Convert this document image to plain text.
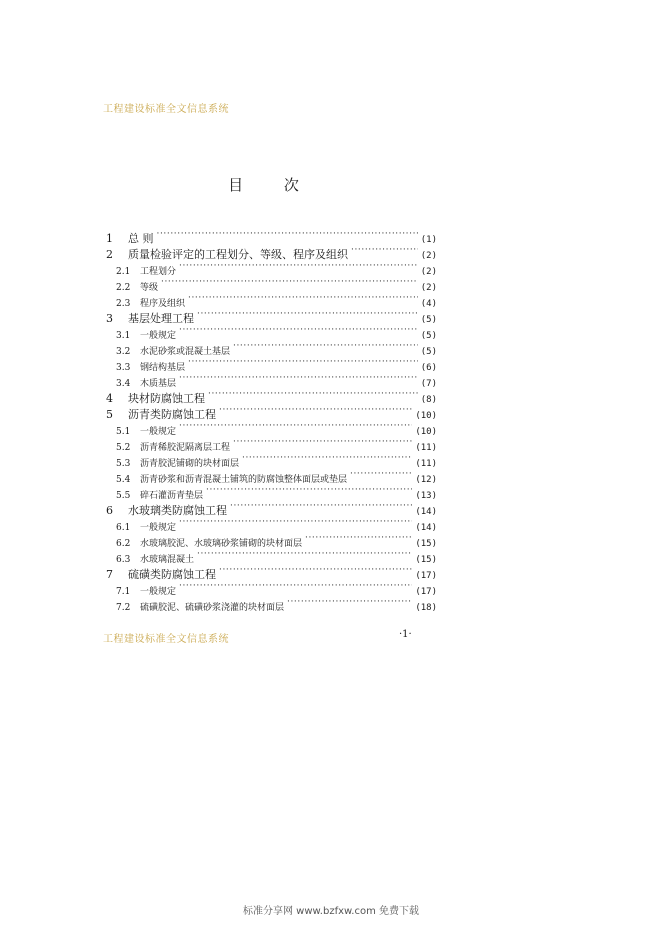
工程建设标准全文信息系统
目 次
1	总 则 ·····	(1)
2	质量检验评定的工程划分、等级、程序及组织 ·····	(2)
2.1	工程划分 ·····	(2)
2.2	等级 ·····	(2)
2.3	程序及组织 ·····	(4)
3	基层处理工程 ·····	(5)
3.1	一般规定 ·····	(5)
3.2	水泥砂浆或混凝土基层 ·····	(5)
3.3	钢结构基层 ·····	(6)
3.4	木质基层 ·····	(7)
4	块材防腐蚀工程 ·····	(8)
5	沥青类防腐蚀工程 ·····	(10)
5.1	一般规定 ·····	(10)
5.2	沥青稀胶泥隔离层工程 ·····	(11)
5.3	沥青胶泥铺砌的块材面层 ·····	(11)
5.4	沥青砂浆和沥青混凝土铺筑的防腐蚀整体面层或垫层 ·····	(12)
5.5	碎石灌沥青垫层 ·····	(13)
6	水玻璃类防腐蚀工程 ·····	(14)
6.1	一般规定 ·····	(14)
6.2	水玻璃胶泥、水玻璃砂浆铺砌的块材面层 ·····	(15)
6.3	水玻璃混凝土 ·····	(15)
7	硫磺类防腐蚀工程 ·····	(17)
7.1	一般规定 ·····	(17)
7.2	硫磺胶泥、硫磺砂浆浇灌的块材面层 ·····	(18)
工程建设标准全文信息系统	·1·
标准分享网 www.bzfxw.com 免费下载
